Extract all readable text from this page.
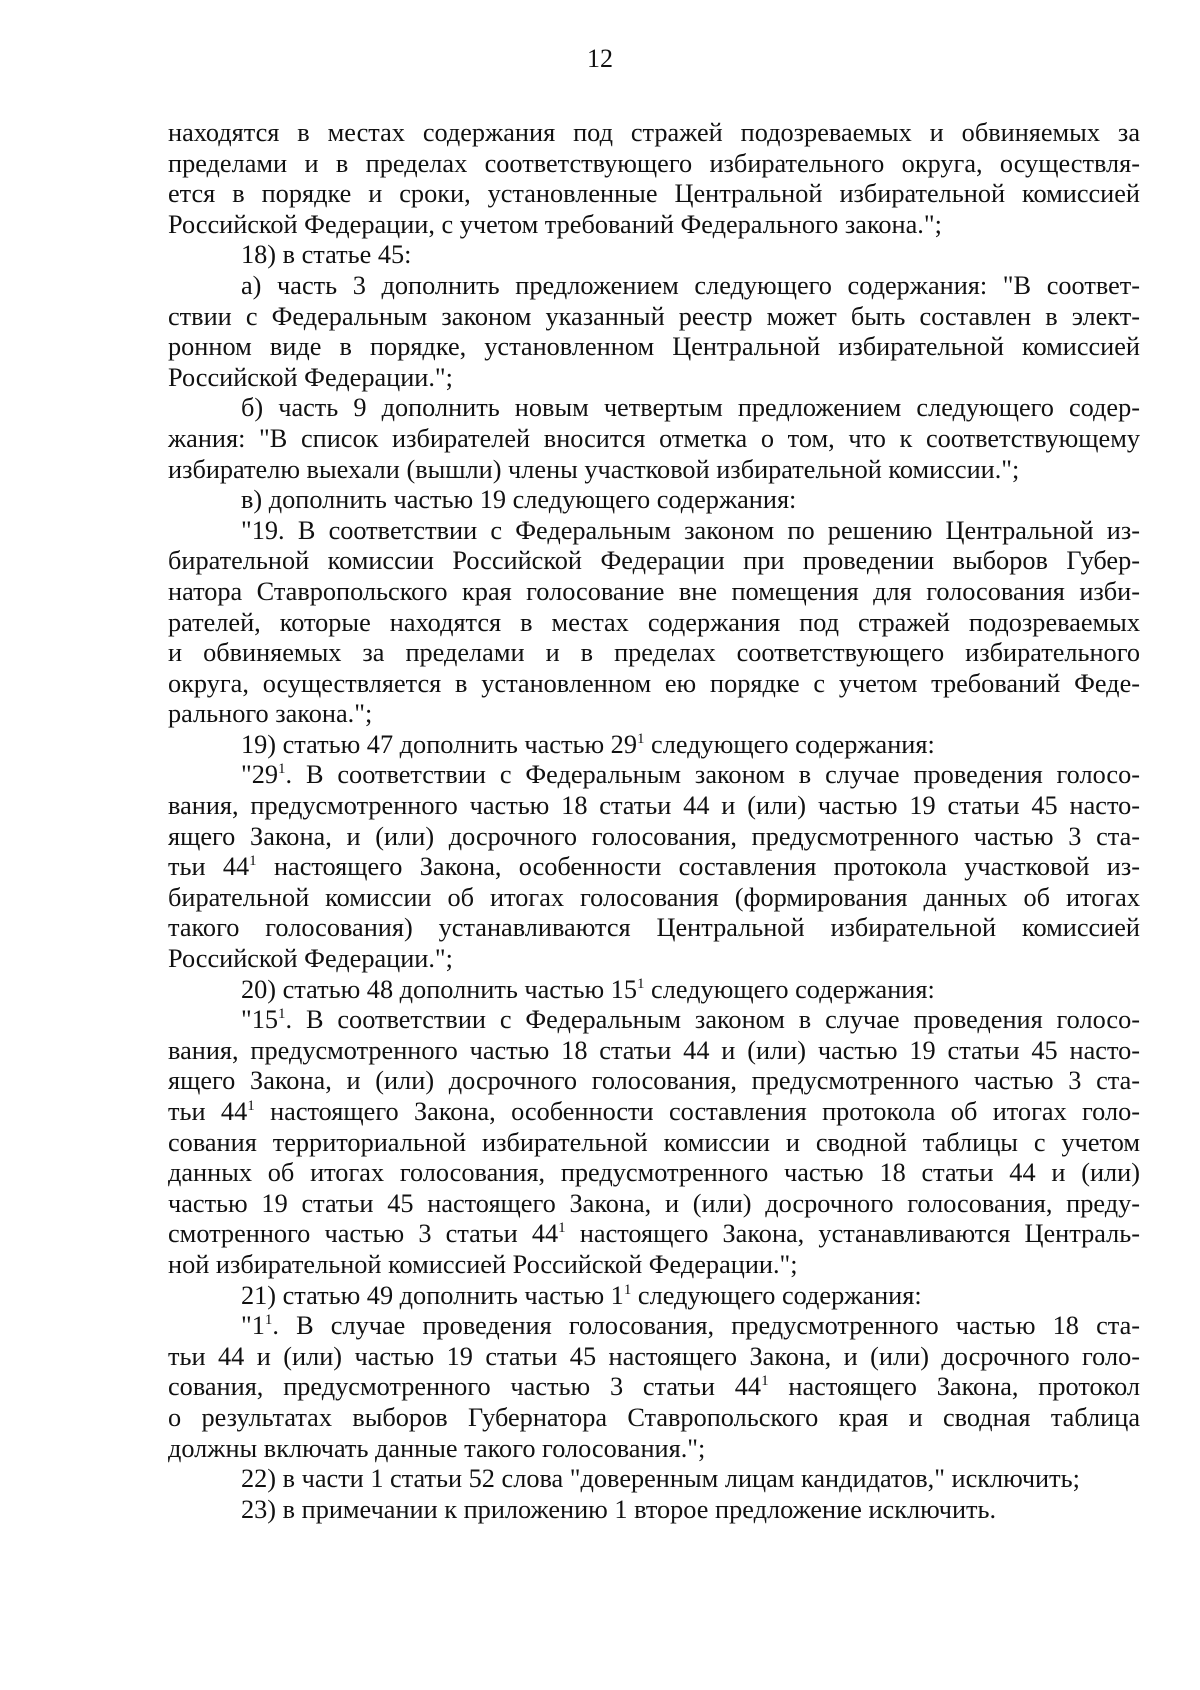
12
находятся в местах содержания под стражей подозреваемых и обвиняемых за
пределами и в пределах соответствующего избирательного округа, осуществля-
ется в порядке и сроки, установленные Центральной избирательной комиссией
Российской Федерации, с учетом требований Федерального закона.";
18) в статье 45:
а) часть 3 дополнить предложением следующего содержания: "В соответ-
ствии с Федеральным законом указанный реестр может быть составлен в элект-
ронном виде в порядке, установленном Центральной избирательной комиссией
Российской Федерации.";
б) часть 9 дополнить новым четвертым предложением следующего содер-
жания: "В список избирателей вносится отметка о том, что к соответствующему
избирателю выехали (вышли) члены участковой избирательной комиссии.";
в) дополнить частью 19 следующего содержания:
"19. В соответствии с Федеральным законом по решению Центральной из-
бирательной комиссии Российской Федерации при проведении выборов Губер-
натора Ставропольского края голосование вне помещения для голосования изби-
рателей, которые находятся в местах содержания под стражей подозреваемых
и обвиняемых за пределами и в пределах соответствующего избирательного
округа, осуществляется в установленном ею порядке с учетом требований Феде-
рального закона.";
19) статью 47 дополнить частью $29^1$ следующего содержания:
"$29^1$. В соответствии с Федеральным законом в случае проведения голосо-
вания, предусмотренного частью 18 статьи 44 и (или) частью 19 статьи 45 насто-
ящего Закона, и (или) досрочного голосования, предусмотренного частью 3 ста-
тьи $44^1$ настоящего Закона, особенности составления протокола участковой из-
бирательной комиссии об итогах голосования (формирования данных об итогах
такого голосования) устанавливаются Центральной избирательной комиссией
Российской Федерации.";
20) статью 48 дополнить частью $15^1$ следующего содержания:
"$15^1$. В соответствии с Федеральным законом в случае проведения голосо-
вания, предусмотренного частью 18 статьи 44 и (или) частью 19 статьи 45 насто-
ящего Закона, и (или) досрочного голосования, предусмотренного частью 3 ста-
тьи $44^1$ настоящего Закона, особенности составления протокола об итогах голо-
сования территориальной избирательной комиссии и сводной таблицы с учетом
данных об итогах голосования, предусмотренного частью 18 статьи 44 и (или)
частью 19 статьи 45 настоящего Закона, и (или) досрочного голосования, преду-
смотренного частью 3 статьи $44^1$ настоящего Закона, устанавливаются Централь-
ной избирательной комиссией Российской Федерации.";
21) статью 49 дополнить частью $1^1$ следующего содержания:
"$1^1$. В случае проведения голосования, предусмотренного частью 18 ста-
тьи 44 и (или) частью 19 статьи 45 настоящего Закона, и (или) досрочного голо-
сования, предусмотренного частью 3 статьи $44^1$ настоящего Закона, протокол
о результатах выборов Губернатора Ставропольского края и сводная таблица
должны включать данные такого голосования.";
22) в части 1 статьи 52 слова "доверенным лицам кандидатов," исключить;
23) в примечании к приложению 1 второе предложение исключить.
